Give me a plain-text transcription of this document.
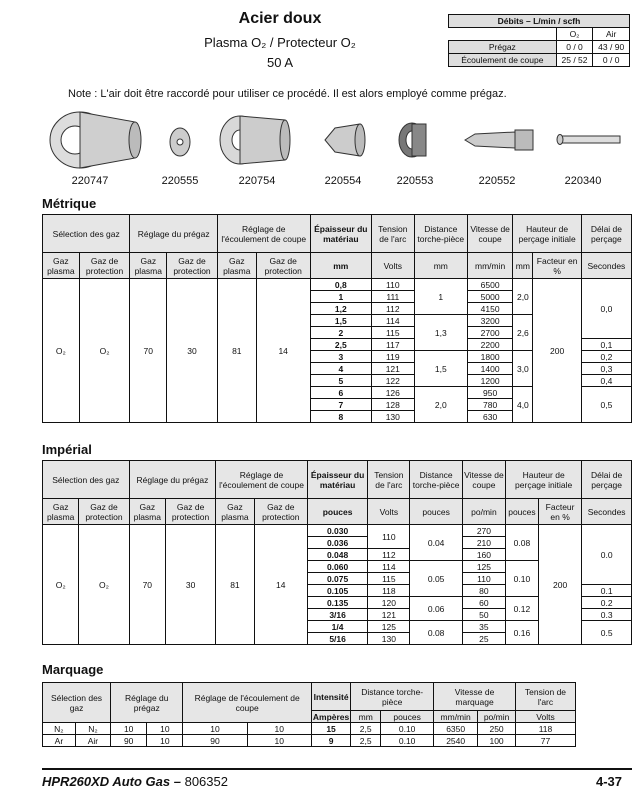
Acier doux
Plasma O₂ / Protecteur O₂
50 A
Débits – L/min / scfh		
	O₂	Air
Prégaz	0 / 0	43 / 90
Écoulement de coupe	25 / 52	0 / 0
Note : L'air doit être raccordé pour utiliser ce procédé. Il est alors employé comme prégaz.
220747	220555	220754	220554	220553	220552	220340
Métrique
Sélection des gaz		Réglage du prégaz		Réglage de l'écoulement de coupe		Épaisseur du matériau	Tension de l'arc	Distance torche-pièce	Vitesse de coupe	Hauteur de perçage initiale		Délai de perçage
Gaz plasma	Gaz de protection	Gaz plasma	Gaz de protection	Gaz plasma	Gaz de protection	mm	Volts	mm	mm/min	mm	Facteur en %	Secondes
O₂	O₂	70	30	81	14	0,8	110	1	6500	2,0	200	0,0
						1	111		5000			
						1,2	112		4150			
						1,5	114	1,3	3200	2,6		
						2	115		2700			
						2,5	117		2200			0,1
						3	119	1,5	1800	3,0		0,2
						4	121		1400			0,3
						5	122		1200			0,4
						6	126	2,0	950	4,0		0,5
						7	128		780			
						8	130		630			
Impérial
Sélection des gaz		Réglage du prégaz		Réglage de l'écoulement de coupe		Épaisseur du matériau	Tension de l'arc	Distance torche-pièce	Vitesse de coupe	Hauteur de perçage initiale		Délai de perçage
Gaz plasma	Gaz de protection	Gaz plasma	Gaz de protection	Gaz plasma	Gaz de protection	pouces	Volts	pouces	po/min	pouces	Facteur en %	Secondes
O₂	O₂	70	30	81	14	0.030	110	0.04	270	0.08	200	0.0
						0.036			210			
						0.048	112		160			
						0.060	114	0.05	125	0.10		
						0.075	115		110			
						0.105	118		80			0.1
						0.135	120	0.06	60	0.12		0.2
						3/16	121		50			0.3
						1/4	125	0.08	35	0.16		0.5
						5/16	130		25			
Marquage
Sélection des gaz		Réglage du prégaz		Réglage de l'écoulement de coupe		Intensité	Distance torche-pièce		Vitesse de marquage		Tension de l'arc
						Ampères	mm	pouces	mm/min	po/min	Volts
N₂	N₂	10	10	10	10	15	2,5	0.10	6350	250	118
Ar	Air	90	10	90	10	9	2,5	0.10	2540	100	77
HPR260XD Auto Gas – 806352	4-37
